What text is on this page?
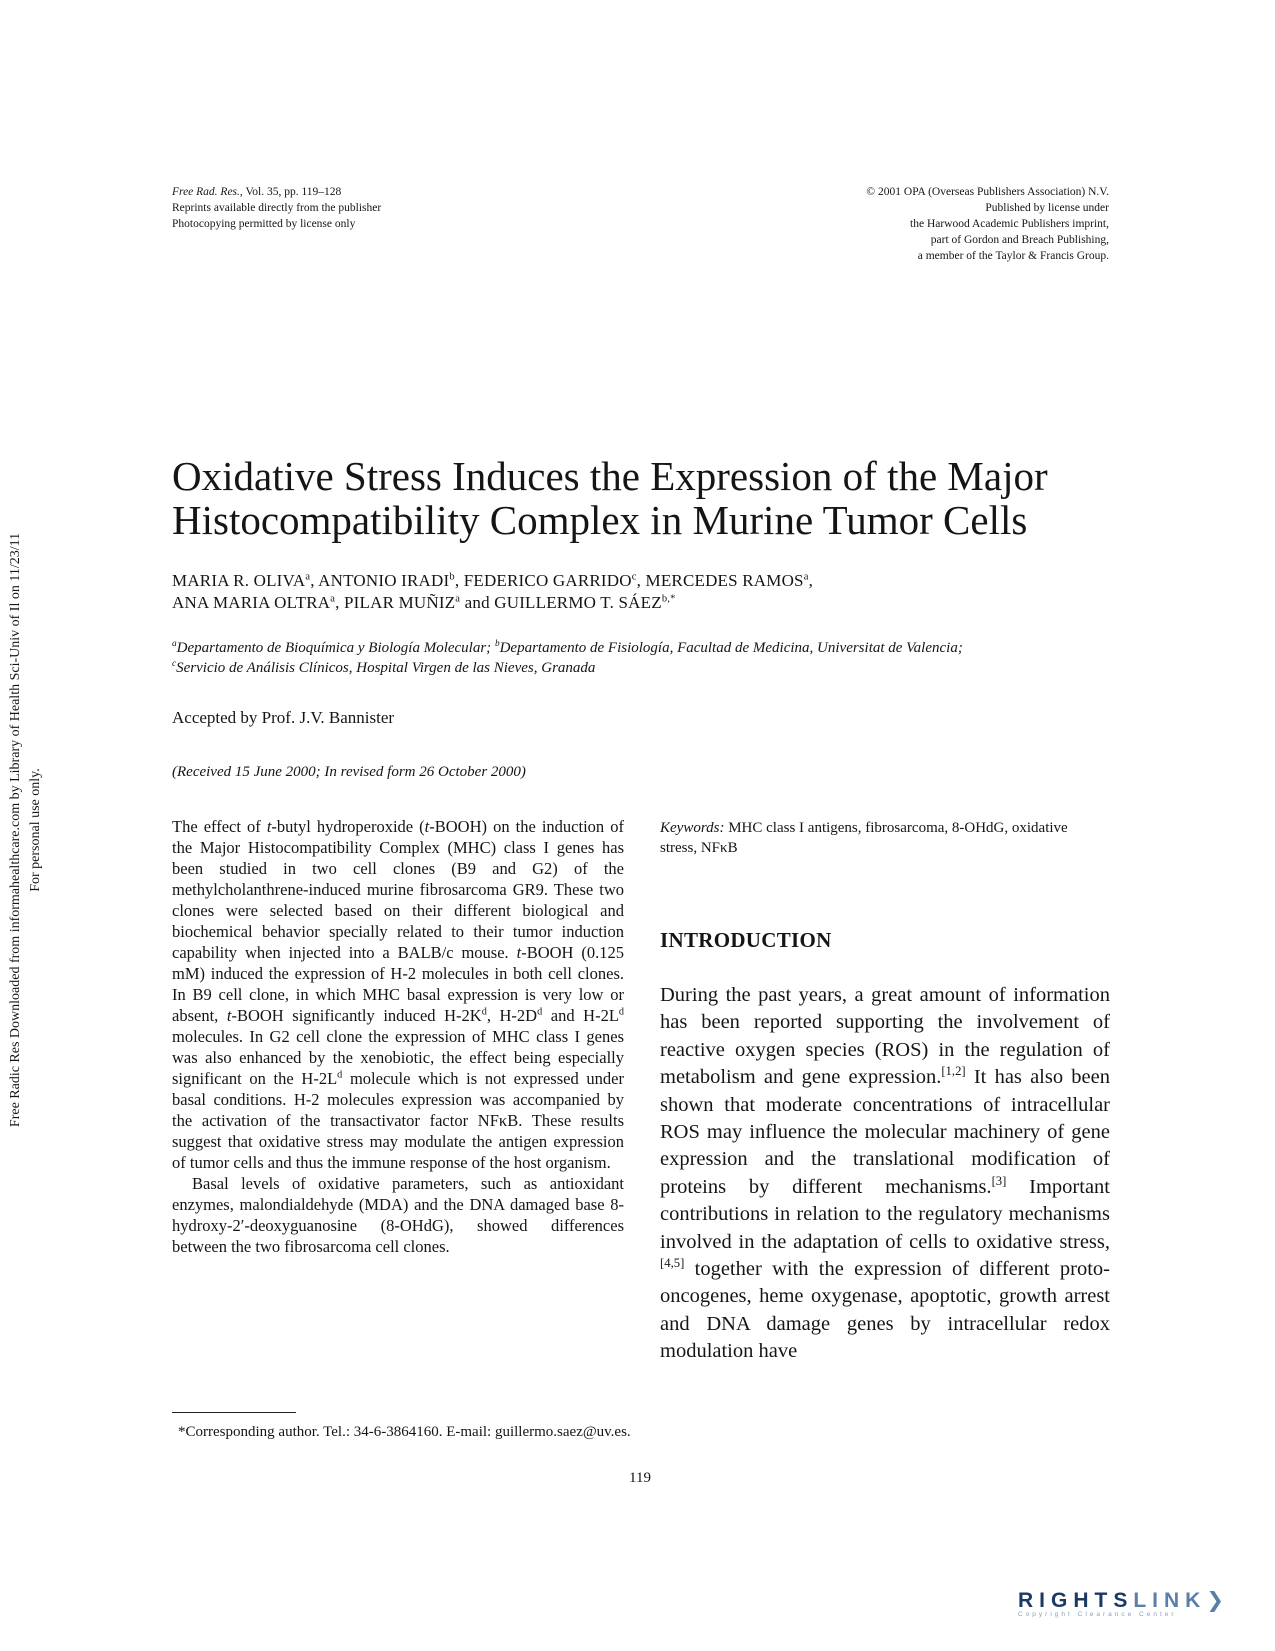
Free Rad. Res., Vol. 35, pp. 119–128
Reprints available directly from the publisher
Photocopying permitted by license only
© 2001 OPA (Overseas Publishers Association) N.V.
Published by license under
the Harwood Academic Publishers imprint,
part of Gordon and Breach Publishing,
a member of the Taylor & Francis Group.
Free Radic Res Downloaded from informahealthcare.com by Library of Health Sci-Univ of Il on 11/23/11 For personal use only.
Oxidative Stress Induces the Expression of the Major
Histocompatibility Complex in Murine Tumor Cells
MARIA R. OLIVA$^a$, ANTONIO IRADI$^b$, FEDERICO GARRIDO$^c$, MERCEDES RAMOS$^a$,
ANA MARIA OLTRA$^a$, PILAR MUÑIZ$^a$ and GUILLERMO T. $SÁEZ^{b,*}$
$^a$Departamento de Bioquímica y Biología Molecular; $^b$Departamento de Fisiología, Facultad de Medicina, Universitat de Valencia;
$^c$Servicio de Análisis Clínicos, Hospital Virgen de las Nieves, Granada
Accepted by Prof. J.V. Bannister
(Received 15 June 2000; In revised form 26 October 2000)

The effect of t-butyl hydroperoxide (t-BOOH) on the induction of the Major Histocompatibility Complex (MHC) class I genes has been studied in two cell clones (B9 and G2) of the methylcholanthrene-induced murine fibrosarcoma GR9. These two clones were selected based on their different biological and biochemical behavior specially related to their tumor induction capability when injected into a BALB/c mouse. t-BOOH (0.125 mM) induced the expression of H-2 molecules in both cell clones. In B9 cell clone, in which MHC basal expression is very low or absent, t-BOOH significantly induced $H-2K^d$, $H-2D^d$ and $H-2L^d$ molecules. In G2 cell clone the expression of MHC class I genes was also enhanced by the xenobiotic, the effect being especially significant on the $H-2L^d$ molecule which is not expressed under basal conditions. H-2 molecules expression was accompanied by the activation of the transactivator factor NFκB. These results suggest that oxidative stress may modulate the antigen expression of tumor cells and thus the immune response of the host organism.

Basal levels of oxidative parameters, such as antioxidant enzymes, malondialdehyde (MDA) and the DNA damaged base 8-hydroxy-2′-deoxyguanosine (8-OHdG), showed differences between the two fibrosarcoma cell clones.

Keywords: MHC class I antigens, fibrosarcoma, 8-OHdG, oxidative stress, NFκB
INTRODUCTION
During the past years, a great amount of information has been reported supporting the involvement of reactive oxygen species (ROS) in the regulation of metabolism and gene expression.[1,2] It has also been shown that moderate concentrations of intracellular ROS may influence the molecular machinery of gene expression and the translational modification of proteins by different mechanisms.[3] Important contributions in relation to the regulatory mechanisms involved in the adaptation of cells to oxidative stress,[4,5] together with the expression of different proto-oncogenes, heme oxygenase, apoptotic, growth arrest and DNA damage genes by intracellular redox modulation have
*Corresponding author. Tel.: 34-6-3864160. E-mail: guillermo.saez@uv.es.
119
RIGHTSLINK❯
Copyright Clearance Center
